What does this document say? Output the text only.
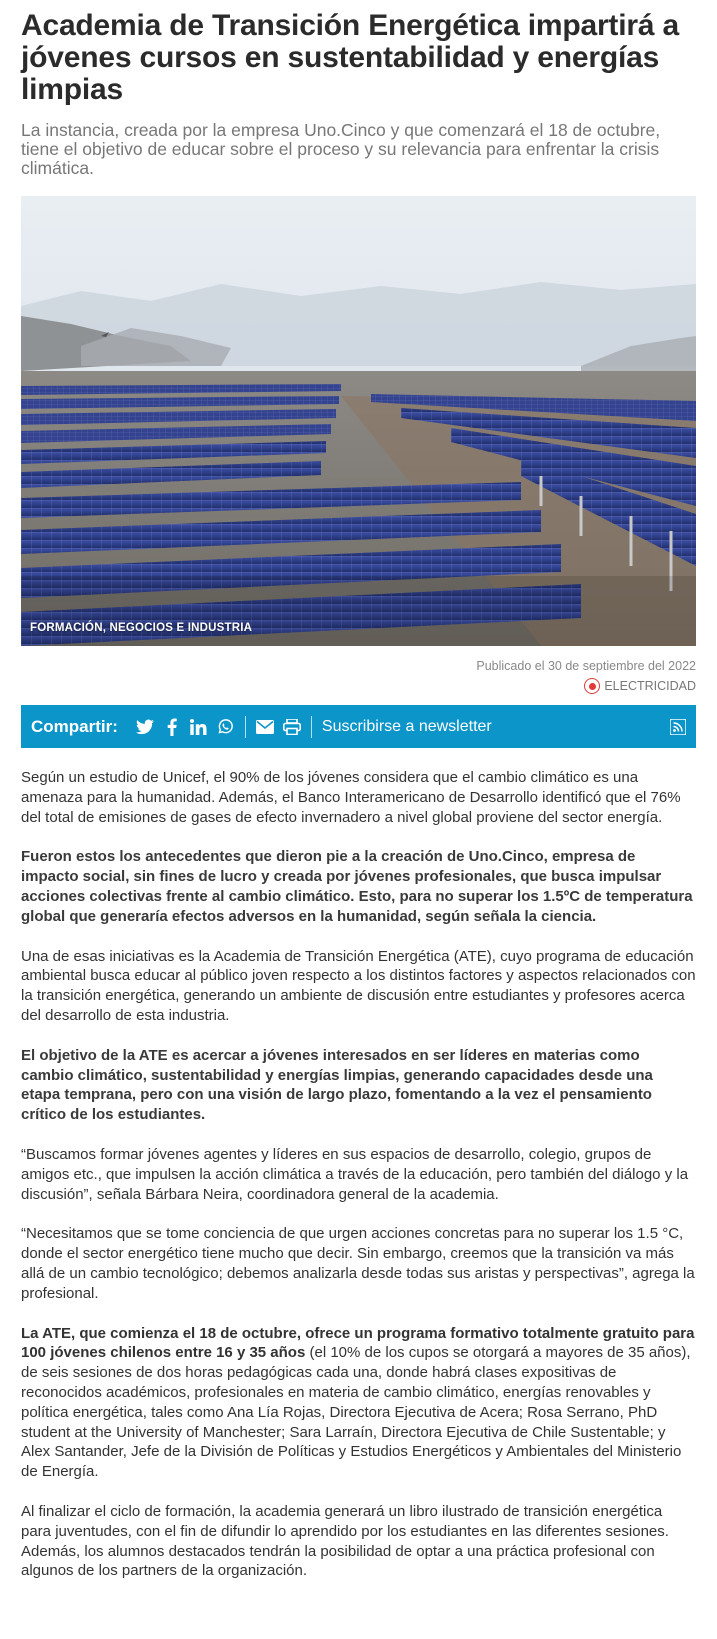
Academia de Transición Energética impartirá a jóvenes cursos en sustentabilidad y energías limpias

La instancia, creada por la empresa Uno.Cinco y que comenzará el 18 de octubre, tiene el objetivo de educar sobre el proceso y su relevancia para enfrentar la crisis climática.

FORMACIÓN, NEGOCIOS E INDUSTRIA
Publicado el 30 de septiembre del 2022
ELECTRICIDAD
Compartir:	Suscribirse a newsletter

Según un estudio de Unicef, el 90% de los jóvenes considera que el cambio climático es una amenaza para la humanidad. Además, el Banco Interamericano de Desarrollo identificó que el 76% del total de emisiones de gases de efecto invernadero a nivel global proviene del sector energía.

Fueron estos los antecedentes que dieron pie a la creación de Uno.Cinco, empresa de impacto social, sin fines de lucro y creada por jóvenes profesionales, que busca impulsar acciones colectivas frente al cambio climático. Esto, para no superar los 1.5ºC de temperatura global que generaría efectos adversos en la humanidad, según señala la ciencia.

Una de esas iniciativas es la Academia de Transición Energética (ATE), cuyo programa de educación ambiental busca educar al público joven respecto a los distintos factores y aspectos relacionados con la transición energética, generando un ambiente de discusión entre estudiantes y profesores acerca del desarrollo de esta industria.

El objetivo de la ATE es acercar a jóvenes interesados en ser líderes en materias como cambio climático, sustentabilidad y energías limpias, generando capacidades desde una etapa temprana, pero con una visión de largo plazo, fomentando a la vez el pensamiento crítico de los estudiantes.

“Buscamos formar jóvenes agentes y líderes en sus espacios de desarrollo, colegio, grupos de amigos etc., que impulsen la acción climática a través de la educación, pero también del diálogo y la discusión”, señala Bárbara Neira, coordinadora general de la academia.

“Necesitamos que se tome conciencia de que urgen acciones concretas para no superar los 1.5 °C, donde el sector energético tiene mucho que decir. Sin embargo, creemos que la transición va más allá de un cambio tecnológico; debemos analizarla desde todas sus aristas y perspectivas”, agrega la profesional.

La ATE, que comienza el 18 de octubre, ofrece un programa formativo totalmente gratuito para 100 jóvenes chilenos entre 16 y 35 años (el 10% de los cupos se otorgará a mayores de 35 años), de seis sesiones de dos horas pedagógicas cada una, donde habrá clases expositivas de reconocidos académicos, profesionales en materia de cambio climático, energías renovables y política energética, tales como Ana Lía Rojas, Directora Ejecutiva de Acera; Rosa Serrano, PhD student at the University of Manchester; Sara Larraín, Directora Ejecutiva de Chile Sustentable; y Alex Santander, Jefe de la División de Políticas y Estudios Energéticos y Ambientales del Ministerio de Energía.

Al finalizar el ciclo de formación, la academia generará un libro ilustrado de transición energética para juventudes, con el fin de difundir lo aprendido por los estudiantes en las diferentes sesiones. Además, los alumnos destacados tendrán la posibilidad de optar a una práctica profesional con algunos de los partners de la organización.
